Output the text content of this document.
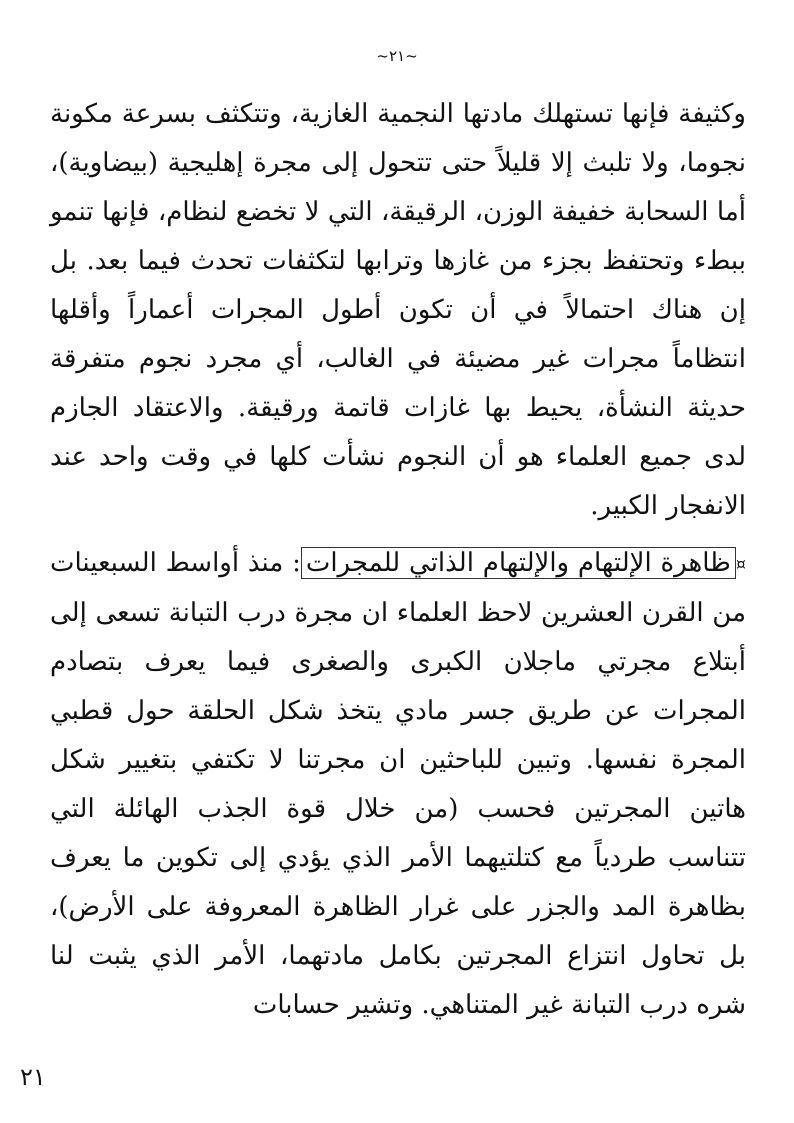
~٢١~

وكثيفة فإنها تستهلك مادتها النجمية الغازية، وتتكثف بسرعة مكونة نجوما، ولا تلبث إلا قليلاً حتى تتحول إلى مجرة إهليجية (بيضاوية)، أما السحابة خفيفة الوزن، الرقيقة، التي لا تخضع لنظام، فإنها تنمو ببطء وتحتفظ بجزء من غازها وترابها لتكثفات تحدث فيما بعد. بل إن هناك احتمالاً في أن تكون أطول المجرات أعماراً وأقلها انتظاماً مجرات غير مضيئة في الغالب، أي مجرد نجوم متفرقة حديثة النشأة، يحيط بها غازات قاتمة ورقيقة. والاعتقاد الجازم لدى جميع العلماء هو أن النجوم نشأت كلها في وقت واحد عند الانفجار الكبير.

¤ظاهرة الإلتهام والإلتهام الذاتي للمجرات: منذ أواسط السبعينات من القرن العشرين لاحظ العلماء ان مجرة درب التبانة تسعى إلى أبتلاع مجرتي ماجلان الكبرى والصغرى فيما يعرف بتصادم المجرات عن طريق جسر مادي يتخذ شكل الحلقة حول قطبي المجرة نفسها. وتبين للباحثين ان مجرتنا لا تكتفي بتغيير شكل هاتين المجرتين فحسب (من خلال قوة الجذب الهائلة التي تتناسب طردياً مع كتلتيهما الأمر الذي يؤدي إلى تكوين ما يعرف بظاهرة المد والجزر على غرار الظاهرة المعروفة على الأرض)، بل تحاول انتزاع المجرتين بكامل مادتهما، الأمر الذي يثبت لنا شره درب التبانة غير المتناهي. وتشير حسابات

٢١
